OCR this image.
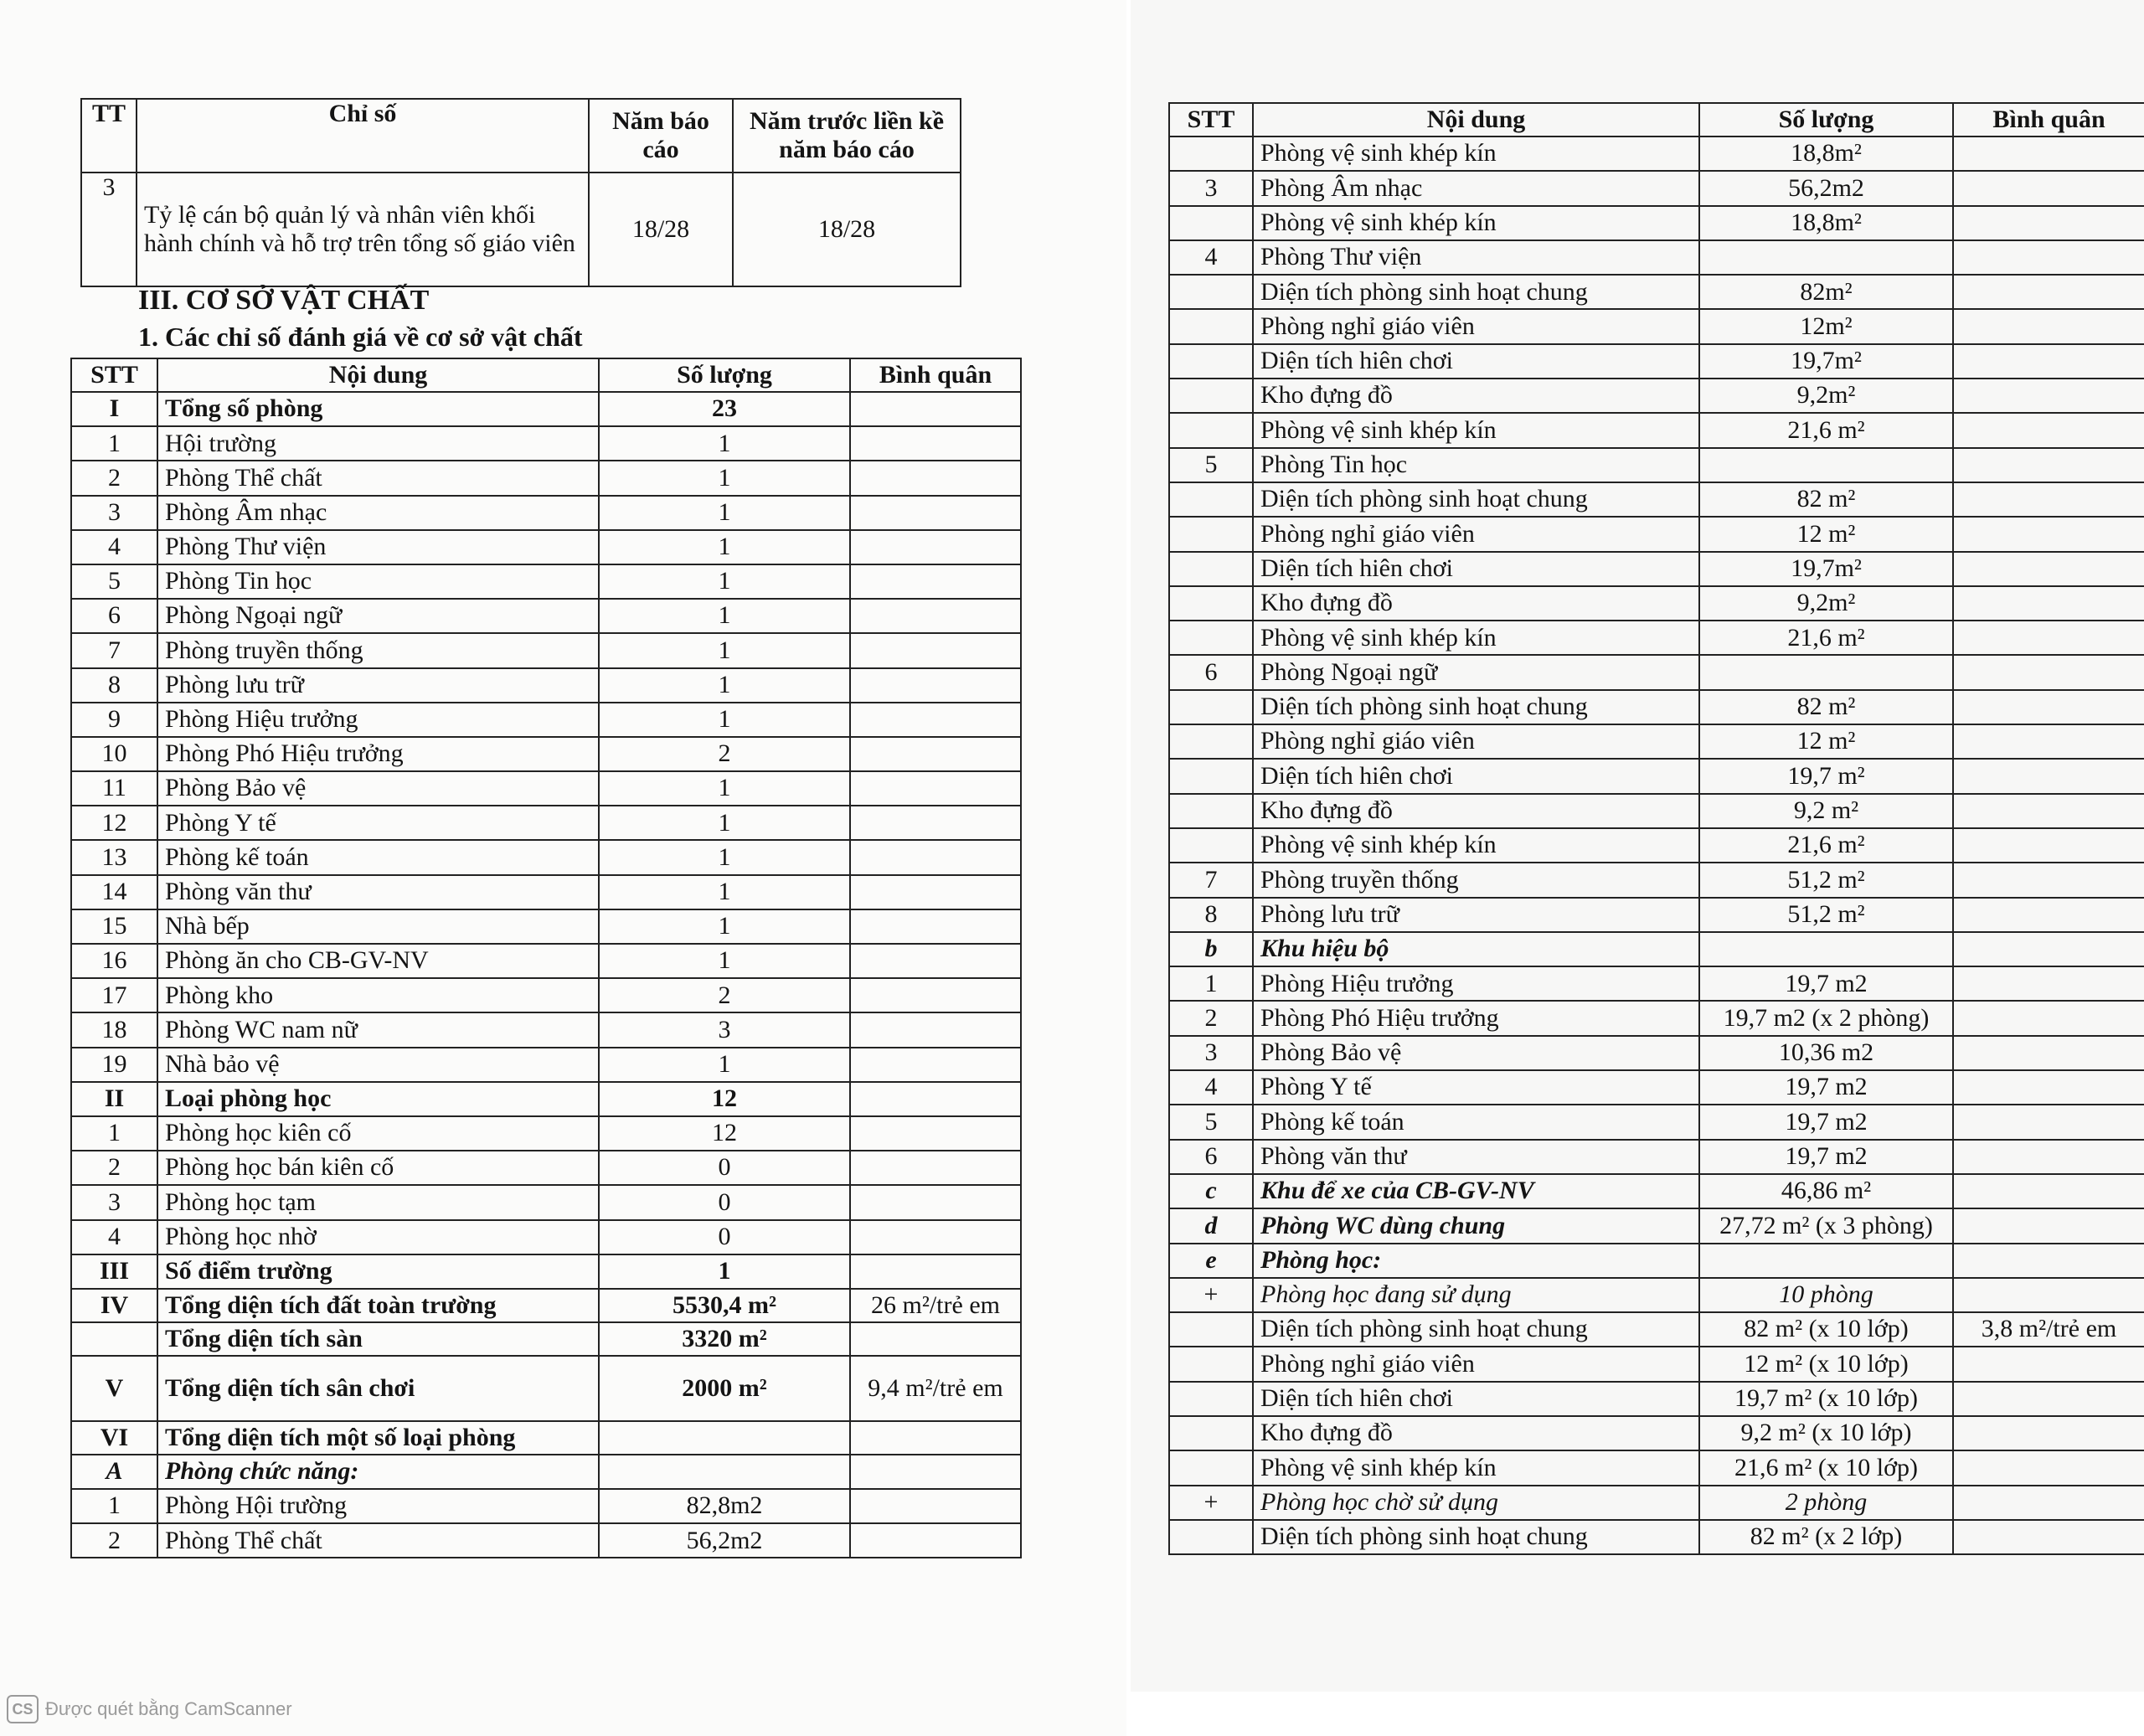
TT	Chỉ số	Năm báo cáo	Năm trước liền kề năm báo cáo
3	Tỷ lệ cán bộ quản lý và nhân viên khối hành chính và hỗ trợ trên tổng số giáo viên	18/28	18/28
III. CƠ SỞ VẬT CHẤT
1. Các chỉ số đánh giá về cơ sở vật chất
STT	Nội dung	Số lượng	Bình quân
I	Tổng số phòng	23	
1	Hội trường	1	
2	Phòng Thể chất	1	
3	Phòng Âm nhạc	1	
4	Phòng Thư viện	1	
5	Phòng Tin học	1	
6	Phòng Ngoại ngữ	1	
7	Phòng truyền thống	1	
8	Phòng lưu trữ	1	
9	Phòng Hiệu trưởng	1	
10	Phòng Phó Hiệu trưởng	2	
11	Phòng Bảo vệ	1	
12	Phòng Y tế	1	
13	Phòng kế toán	1	
14	Phòng văn thư	1	
15	Nhà bếp	1	
16	Phòng ăn cho CB-GV-NV	1	
17	Phòng kho	2	
18	Phòng WC nam nữ	3	
19	Nhà bảo vệ	1	
II	Loại phòng học	12	
1	Phòng học kiên cố	12	
2	Phòng học bán kiên cố	0	
3	Phòng học tạm	0	
4	Phòng học nhờ	0	
III	Số điểm trường	1	
IV	Tổng diện tích đất toàn trường	5530,4 m²	26 m²/trẻ em
	Tổng diện tích sàn	3320 m²	
V	Tổng diện tích sân chơi	2000 m²	9,4 m²/trẻ em
VI	Tổng diện tích một số loại phòng		
A	Phòng chức năng:		
1	Phòng Hội trường	82,8m2	
2	Phòng Thể chất	56,2m2	
STT	Nội dung	Số lượng	Bình quân
	Phòng vệ sinh khép kín	18,8m²	
3	Phòng Âm nhạc	56,2m2	
	Phòng vệ sinh khép kín	18,8m²	
4	Phòng Thư viện		
	Diện tích phòng sinh hoạt chung	82m²	
	Phòng nghỉ giáo viên	12m²	
	Diện tích hiên chơi	19,7m²	
	Kho đựng đồ	9,2m²	
	Phòng vệ sinh khép kín	21,6 m²	
5	Phòng Tin học		
	Diện tích phòng sinh hoạt chung	82 m²	
	Phòng nghỉ giáo viên	12 m²	
	Diện tích hiên chơi	19,7m²	
	Kho đựng đồ	9,2m²	
	Phòng vệ sinh khép kín	21,6 m²	
6	Phòng Ngoại ngữ		
	Diện tích phòng sinh hoạt chung	82 m²	
	Phòng nghỉ giáo viên	12 m²	
	Diện tích hiên chơi	19,7 m²	
	Kho đựng đồ	9,2 m²	
	Phòng vệ sinh khép kín	21,6 m²	
7	Phòng truyền thống	51,2 m²	
8	Phòng lưu trữ	51,2 m²	
b	Khu hiệu bộ		
1	Phòng Hiệu trưởng	19,7 m2	
2	Phòng Phó Hiệu trưởng	19,7 m2 (x 2 phòng)	
3	Phòng Bảo vệ	10,36 m2	
4	Phòng Y tế	19,7 m2	
5	Phòng kế toán	19,7 m2	
6	Phòng văn thư	19,7 m2	
c	Khu để xe của CB-GV-NV	46,86 m²	
d	Phòng WC dùng chung	27,72 m² (x 3 phòng)	
e	Phòng học:		
+	Phòng học đang sử dụng	10 phòng	
	Diện tích phòng sinh hoạt chung	82 m² (x 10 lớp)	3,8 m²/trẻ em
	Phòng nghỉ giáo viên	12 m² (x 10 lớp)	
	Diện tích hiên chơi	19,7 m² (x 10 lớp)	
	Kho đựng đồ	9,2 m² (x 10 lớp)	
	Phòng vệ sinh khép kín	21,6 m² (x 10 lớp)	
+	Phòng học chờ sử dụng	2 phòng	
	Diện tích phòng sinh hoạt chung	82 m² (x 2 lớp)	
CS Được quét bằng CamScanner
